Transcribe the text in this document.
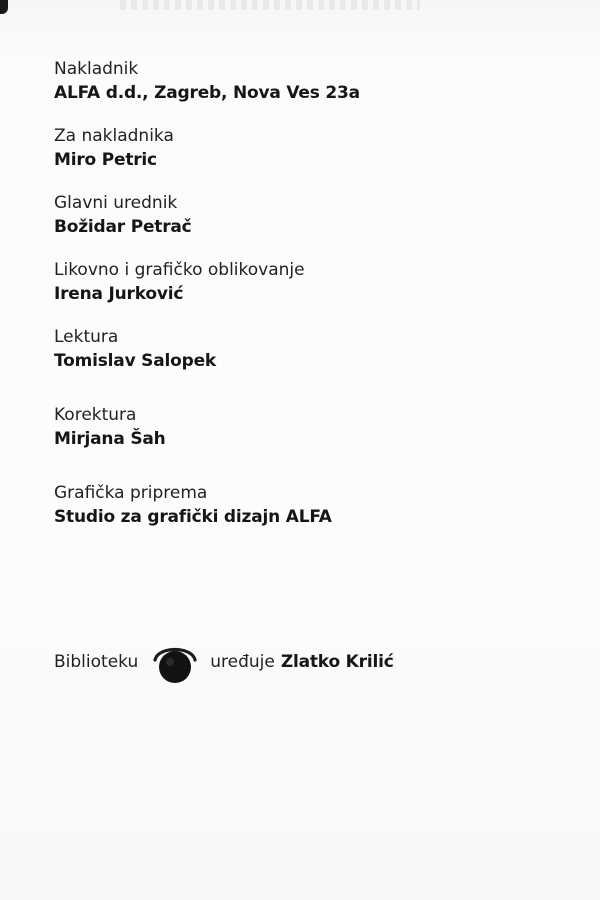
Nakladnik
ALFA d.d., Zagreb, Nova Ves 23a
Za nakladnika
Miro Petric
Glavni urednik
Božidar Petrač
Likovno i grafičko oblikovanje
Irena Jurković
Lektura
Tomislav Salopek
Korektura
Mirjana Šah
Grafička priprema
Studio za grafički dizajn ALFA
Biblioteku	uređuje Zlatko Krilić
